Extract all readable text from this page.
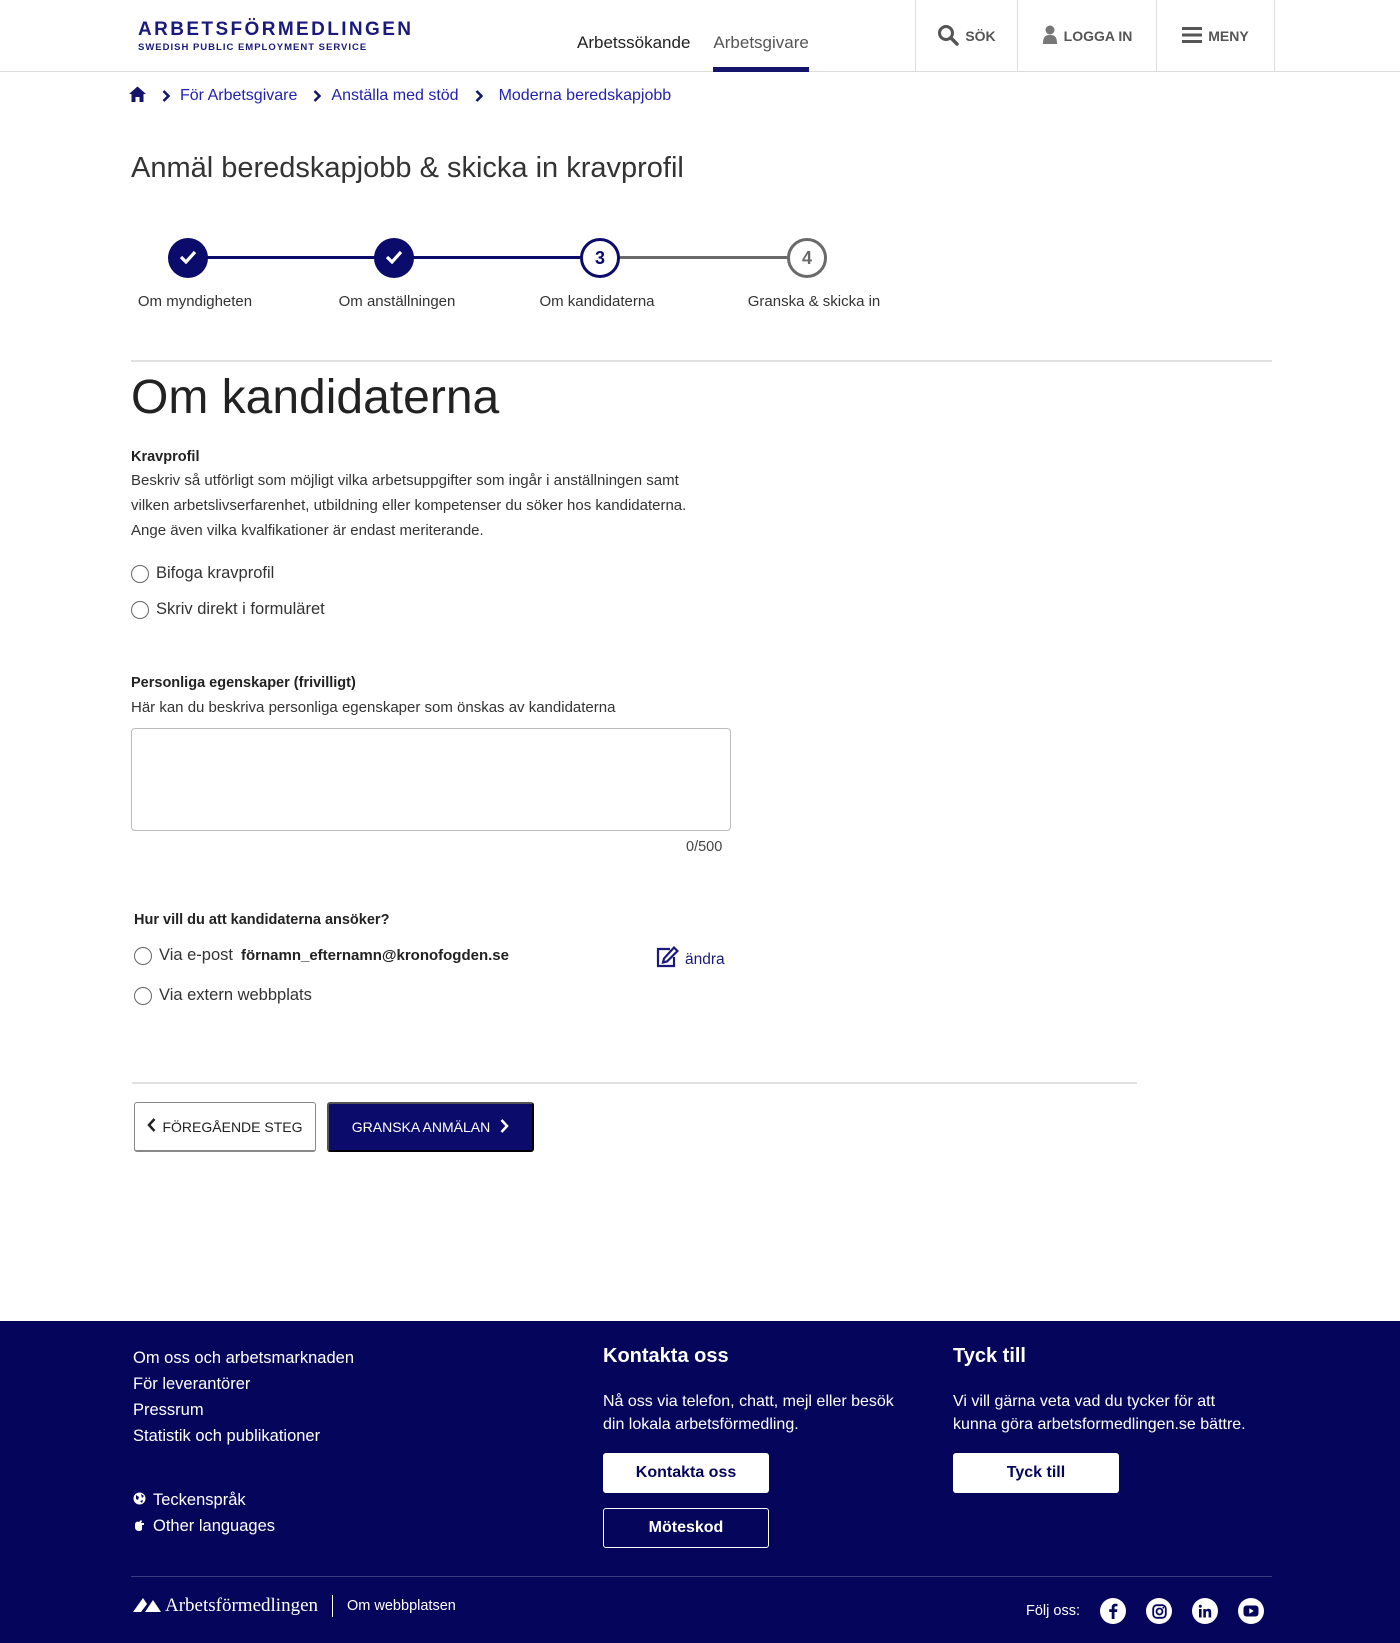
ARBETSFÖRMEDLINGEN
SWEDISH PUBLIC EMPLOYMENT SERVICE	Arbetssökande Arbetsgivare	SÖK	LOGGA IN	MENY
För Arbetsgivare Anställa med stöd	Moderna beredskapjobb
Anmäl beredskapjobb & skicka in kravprofil
3	4
Om myndigheten	Om anställningen	Om kandidaterna	Granska & skicka in
Om kandidaterna
Kravprofil
Beskriv så utförligt som möjligt vilka arbetsuppgifter som ingår i anställningen samt
vilken arbetslivserfarenhet, utbildning eller kompetenser du söker hos kandidaterna.
Ange även vilka kvalfikationer är endast meriterande.
Bifoga kravprofil
Skriv direkt i formuläret
Personliga egenskaper (frivilligt)
Här kan du beskriva personliga egenskaper som önskas av kandidaterna
0/500
Hur vill du att kandidaterna ansöker?
Via e-post förnamn_efternamn@kronofogden.se	ändra
Via extern webbplats
FÖREGÅENDE STEG	GRANSKA ANMÄLAN
Om oss och arbetsmarknaden
För leverantörer
Pressrum
Statistik och publikationer
Teckenspråk
Other languages
Kontakta oss

Nå oss via telefon, chatt, mejl eller besök
din lokala arbetsförmedling.

Kontakta oss
Möteskod
Tyck till

Vi vill gärna veta vad du tycker för att
kunna göra arbetsformedlingen.se bättre.

Tyck till
Arbetsförmedlingen Om webbplatsen	Följ oss:
